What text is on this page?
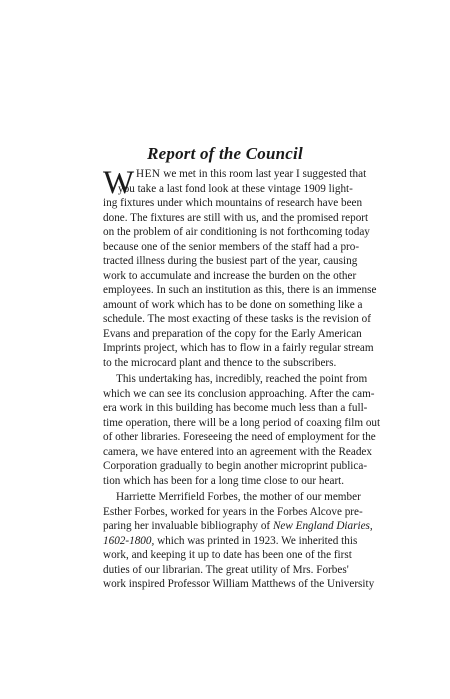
Report of the Council
W HEN we met in this room last year I suggested that
you take a last fond look at these vintage 1909 light-
ing fixtures under which mountains of research have been
done. The fixtures are still with us, and the promised report
on the problem of air conditioning is not forthcoming today
because one of the senior members of the staff had a pro-
tracted illness during the busiest part of the year, causing
work to accumulate and increase the burden on the other
employees. In such an institution as this, there is an immense
amount of work which has to be done on something like a
schedule. The most exacting of these tasks is the revision of
Evans and preparation of the copy for the Early American
Imprints project, which has to flow in a fairly regular stream
to the microcard plant and thence to the subscribers.
This undertaking has, incredibly, reached the point from
which we can see its conclusion approaching. After the cam-
era work in this building has become much less than a full-
time operation, there will be a long period of coaxing film out
of other libraries. Foreseeing the need of employment for the
camera, we have entered into an agreement with the Readex
Corporation gradually to begin another microprint publica-
tion which has been for a long time close to our heart.
Harriette Merrifield Forbes, the mother of our member
Esther Forbes, worked for years in the Forbes Alcove pre-
paring her invaluable bibliography of New England Diaries,
1602-1800, which was printed in 1923. We inherited this
work, and keeping it up to date has been one of the first
duties of our librarian. The great utility of Mrs. Forbes'
work inspired Professor William Matthews of the University
